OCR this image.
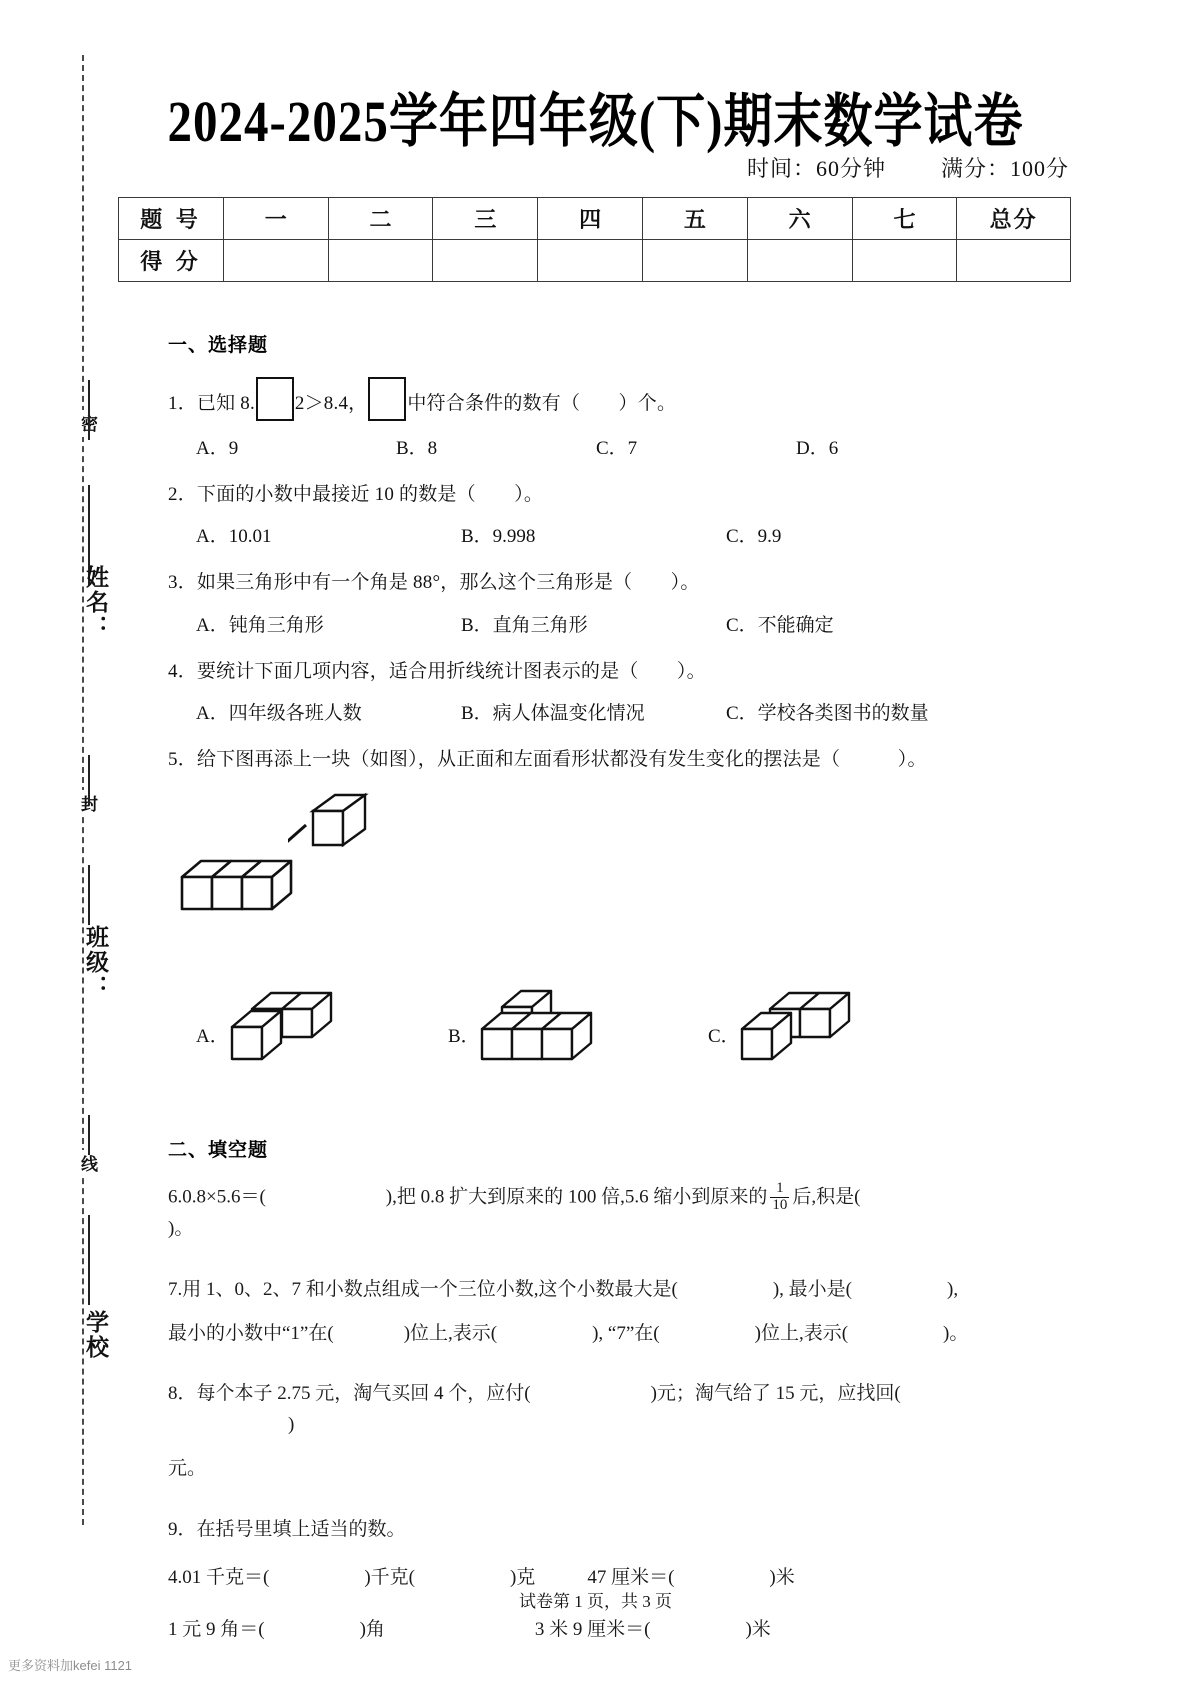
密
封
线
姓名：
班级：
学校
2024-2025学年四年级(下)期末数学试卷
时间：60分钟	满分：100分
题 号	一	二	三	四	五	六	七	总分
得 分								
一、选择题
1．已知 8. 2＞8.4， 中符合条件的数有（　　）个。
A．9	B．8	C．7	D．6
2．下面的小数中最接近 10 的数是（　　）。
A．10.01	B．9.998	C．9.9
3．如果三角形中有一个角是 88°，那么这个三角形是（　　）。
A．钝角三角形	B．直角三角形	C．不能确定
4．要统计下面几项内容，适合用折线统计图表示的是（　　）。
A．四年级各班人数	B．病人体温变化情况	C．学校各类图书的数量
5．给下图再添上一块（如图），从正面和左面看形状都没有发生变化的摆法是（　　　）。
A．	B．	C．
二、填空题
6.0.8×5.6＝(	),把 0.8 扩大到原来的 100 倍,5.6 缩小到原来的 $\frac{1}{10}$ 后,积是()。
7.用 1、0、2、7 和小数点组成一个三位小数,这个小数最大是(	), 最小是(	),
最小的小数中“1”在(	)位上,表示(	), “7”在(	)位上,表示(	)。
8．每个本子 2.75 元，淘气买回 4 个，应付(	)元；淘气给了 15 元，应找回()
元。
9．在括号里填上适当的数。
4.01 千克＝(	)千克(	)克	47 厘米＝(	)米
1 元 9 角＝(	)角	3 米 9 厘米＝(	)米
试卷第 1 页，共 3 页
更多资料加kefei 1121
